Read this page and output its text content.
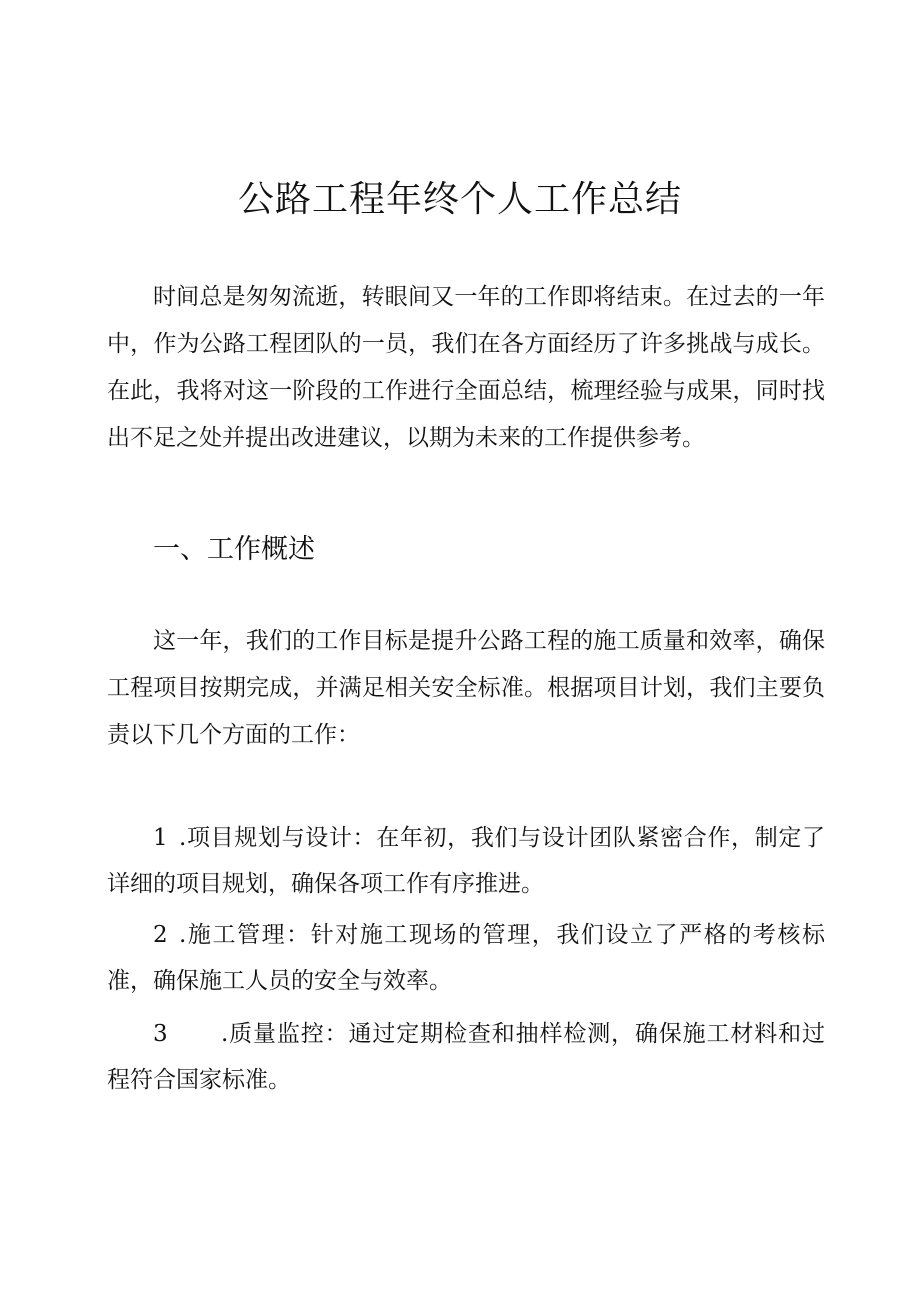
公路工程年终个人工作总结

时间总是匆匆流逝，转眼间又一年的工作即将结束。在过去的一年中，作为公路工程团队的一员，我们在各方面经历了许多挑战与成长。在此，我将对这一阶段的工作进行全面总结，梳理经验与成果，同时找出不足之处并提出改进建议，以期为未来的工作提供参考。

一、工作概述

这一年，我们的工作目标是提升公路工程的施工质量和效率，确保工程项目按期完成，并满足相关安全标准。根据项目计划，我们主要负责以下几个方面的工作：

1 .项目规划与设计：在年初，我们与设计团队紧密合作，制定了详细的项目规划，确保各项工作有序推进。

2 .施工管理：针对施工现场的管理，我们设立了严格的考核标准，确保施工人员的安全与效率。

3 .质量监控：通过定期检查和抽样检测，确保施工材料和过程符合国家标准。
